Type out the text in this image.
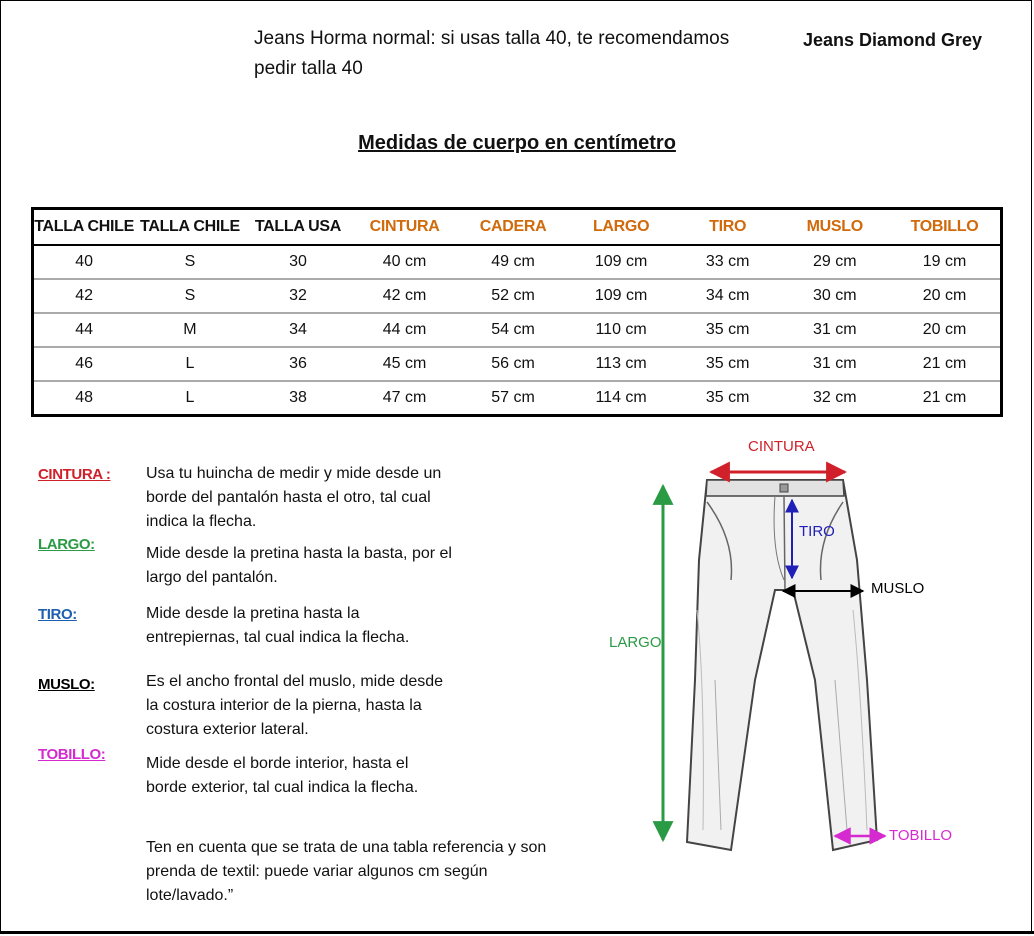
Jeans Horma normal: si usas talla 40, te recomendamos
pedir talla 40
Jeans Diamond Grey
Medidas de cuerpo en centímetro
TALLA CHILE	TALLA CHILE	TALLA USA	CINTURA	CADERA	LARGO	TIRO	MUSLO	TOBILLO
40	S	30	40 cm	49 cm	109 cm	33 cm	29 cm	19 cm
42	S	32	42 cm	52 cm	109 cm	34 cm	30 cm	20 cm
44	M	34	44 cm	54 cm	110 cm	35 cm	31 cm	20 cm
46	L	36	45 cm	56 cm	113 cm	35 cm	31 cm	21 cm
48	L	38	47 cm	57 cm	114 cm	35 cm	32 cm	21 cm
CINTURA : Usa tu huincha de medir y mide desde un
borde del pantalón hasta el otro, tal cual
indica la flecha.
LARGO:
Mide desde la pretina hasta la basta, por el
largo del pantalón.
TIRO:	Mide desde la pretina hasta la
entrepiernas, tal cual indica la flecha.
MUSLO:	Es el ancho frontal del muslo, mide desde
la costura interior de la pierna, hasta la
costura exterior lateral.
TOBILLO:
Mide desde el borde interior, hasta el
borde exterior, tal cual indica la flecha.
Ten en cuenta que se trata de una tabla referencia y son
prenda de textil: puede variar algunos cm según
lote/lavado.”
CINTURA
TIRO
MUSLO
LARGO
TOBILLO
